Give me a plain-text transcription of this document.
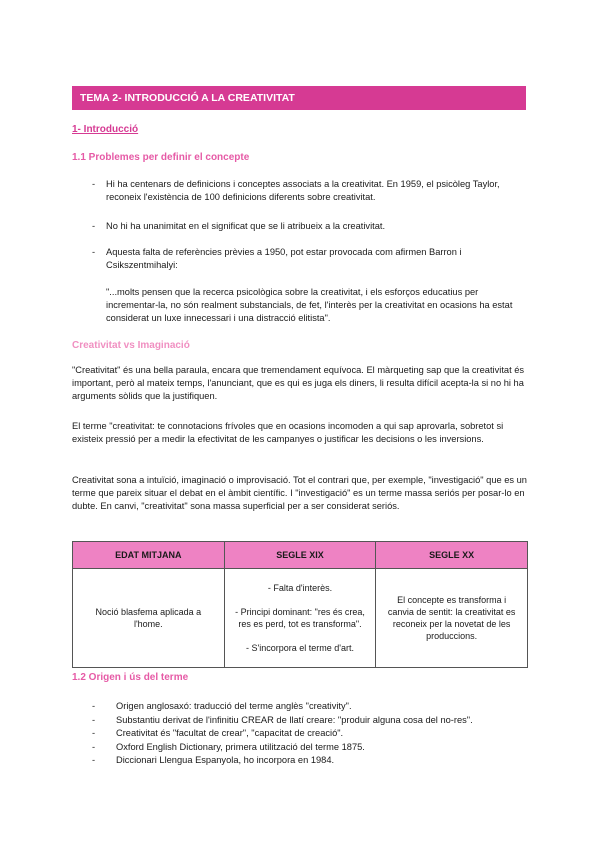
TEMA 2- INTRODUCCIÓ A LA CREATIVITAT
1- Introducció
1.1 Problemes per definir el concepte
- Hi ha centenars de definicions i conceptes associats a la creativitat. En 1959, el psicòleg Taylor, reconeix l'existència de 100 definicions diferents sobre creativitat.
- No hi ha unanimitat en el significat que se li atribueix a la creativitat.
- Aquesta falta de referències prèvies a 1950, pot estar provocada com afirmen Barron i Csikszentmihalyi:
"...molts pensen que la recerca psicològica sobre la creativitat, i els esforços educatius per incrementar-la, no són realment substancials, de fet, l'interès per la creativitat en ocasions ha estat considerat un luxe innecessari i una distracció elitista".
Creativitat vs Imaginació
"Creativitat" és una bella paraula, encara que tremendament equívoca. El màrqueting sap que la creativitat és important, però al mateix temps, l'anunciant, que es qui es juga els diners, li resulta difícil acepta-la si no hi ha arguments sòlids que la justifiquen.
El terme "creativitat: te connotacions frívoles que en ocasions incomoden a qui sap aprovarla, sobretot si existeix pressió per a medir la efectivitat de les campanyes o justificar les decisions o les inversions.
Creativitat sona a intuïció, imaginació o improvisació. Tot el contrari que, per exemple, "investigació" que es un terme que pareix situar el debat en el àmbit científic. I "investigació" es un terme massa seriós per posar-lo en dubte. En canvi, "creativitat" sona massa superficial per a ser considerat seriós.
EDAT MITJANA	SEGLE XIX	SEGLE XX
Noció blasfema aplicada a l'home.	- Falta d'interès.
- Principi dominant: "res és crea, res es perd, tot es transforma".
- S'incorpora el terme d'art.	El concepte es transforma i canvia de sentit: la creativitat es reconeix per la novetat de les produccions.
1.2 Origen i ús del terme
- Origen anglosaxó: traducció del terme anglès "creativity".
- Substantiu derivat de l'infinitiu CREAR de llatí creare: "produir alguna cosa del no-res".
- Creativitat és "facultat de crear", "capacitat de creació".
- Oxford English Dictionary, primera utilització del terme 1875.
- Diccionari Llengua Espanyola, ho incorpora en 1984.
